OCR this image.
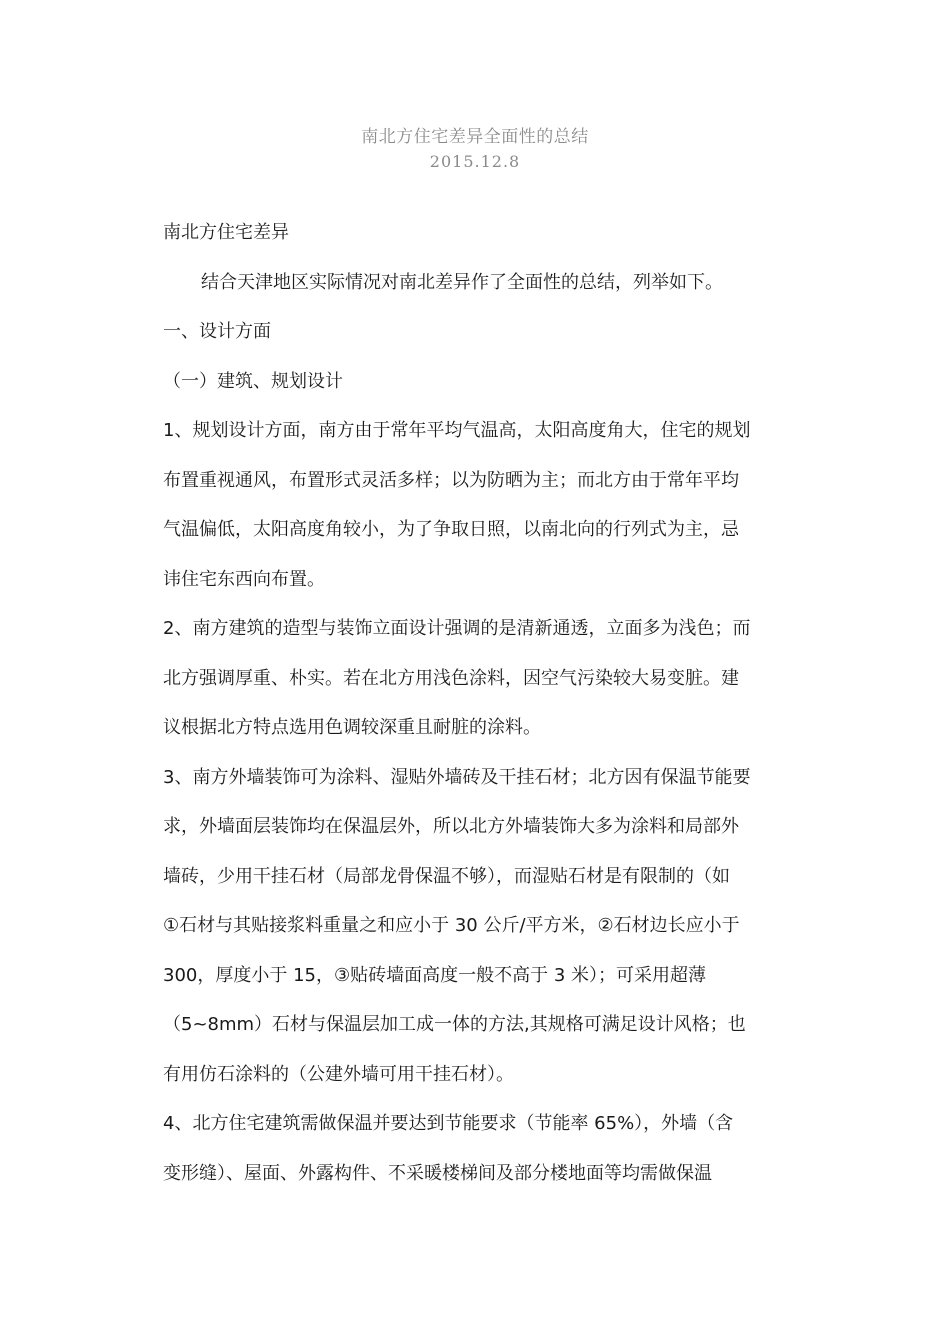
南北方住宅差异全面性的总结
2015.12.8

南北方住宅差异

结合天津地区实际情况对南北差异作了全面性的总结，列举如下。

一、设计方面

（一）建筑、规划设计

1、规划设计方面，南方由于常年平均气温高，太阳高度角大，住宅的规划

布置重视通风，布置形式灵活多样；以为防晒为主；而北方由于常年平均

气温偏低，太阳高度角较小，为了争取日照，以南北向的行列式为主，忌

讳住宅东西向布置。

2、南方建筑的造型与装饰立面设计强调的是清新通透，立面多为浅色；而

北方强调厚重、朴实。若在北方用浅色涂料，因空气污染较大易变脏。建

议根据北方特点选用色调较深重且耐脏的涂料。

3、南方外墙装饰可为涂料、湿贴外墙砖及干挂石材；北方因有保温节能要

求，外墙面层装饰均在保温层外，所以北方外墙装饰大多为涂料和局部外

墙砖，少用干挂石材（局部龙骨保温不够），而湿贴石材是有限制的（如

①石材与其贴接浆料重量之和应小于 30 公斤/平方米，②石材边长应小于

300，厚度小于 15，③贴砖墙面高度一般不高于 3 米）；可采用超薄

（5~8mm）石材与保温层加工成一体的方法,其规格可满足设计风格；也

有用仿石涂料的（公建外墙可用干挂石材）。

4、北方住宅建筑需做保温并要达到节能要求（节能率 65%），外墙（含

变形缝）、屋面、外露构件、不采暖楼梯间及部分楼地面等均需做保温
